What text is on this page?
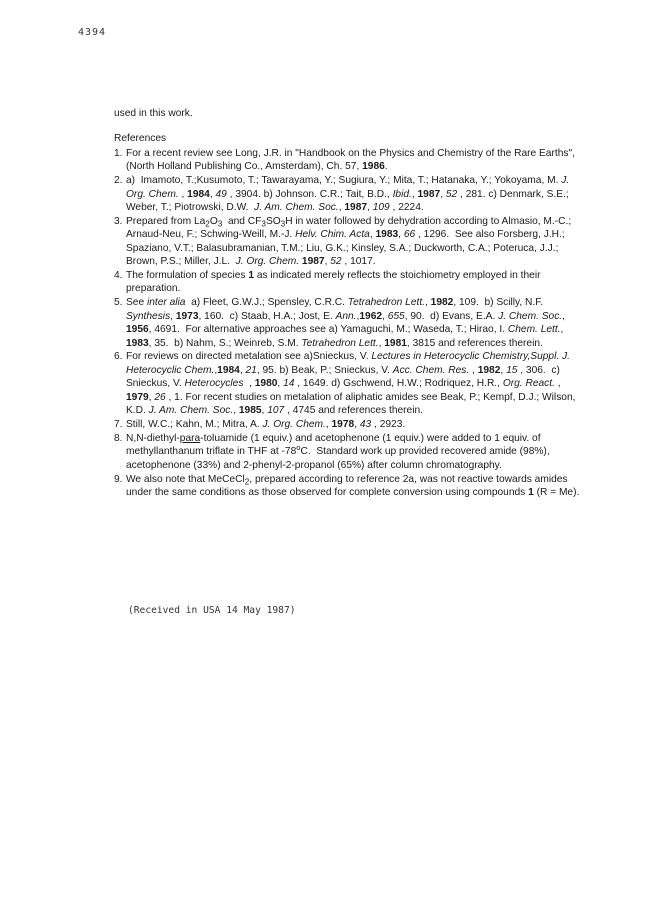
4394

used in this work.

References

1. For a recent review see Long, J.R. in "Handbook on the Physics and Chemistry of the Rare Earths", (North Holland Publishing Co., Amsterdam), Ch. 57, 1986.
2. a)  Imamoto, T.;Kusumoto, T.; Tawarayama, Y.; Sugiura, Y.; Mita, T.; Hatanaka, Y.; Yokoyama, M. J. Org. Chem. , 1984, 49 , 3904. b) Johnson. C.R.; Tait, B.D., Ibid., 1987, 52 , 281. c) Denmark, S.E.; Weber, T.; Piotrowski, D.W.  J. Am. Chem. Soc., 1987, 109 , 2224.
3. Prepared from $La_2O_3$  and $CF_3SO_3H$ in water followed by dehydration according to Almasio, M.-C.; Arnaud-Neu, F.; Schwing-Weill, M.-J. Helv. Chim. Acta, 1983, 66 , 1296.  See also Forsberg, J.H.; Spaziano, V.T.; Balasubramanian, T.M.; Liu, G.K.; Kinsley, S.A.; Duckworth, C.A.; Poteruca, J.J.; Brown, P.S.; Miller, J.L.  J. Org. Chem. 1987, 52 , 1017.
4. The formulation of species 1 as indicated merely reflects the stoichiometry employed in their preparation.
5. See inter alia  a) Fleet, G.W.J.; Spensley, C.R.C. Tetrahedron Lett., 1982, 109.  b) Scilly, N.F. Synthesis, 1973, 160.  c) Staab, H.A.; Jost, E. Ann.,1962, 655, 90.  d) Evans, E.A. J. Chem. Soc., 1956, 4691.  For alternative approaches see a) Yamaguchi, M.; Waseda, T.; Hirao, I. Chem. Lett., 1983, 35.  b) Nahm, S.; Weinreb, S.M. Tetrahedron Lett., 1981, 3815 and references therein.
6. For reviews on directed metalation see a)Snieckus, V. Lectures in Heterocyclic Chemistry,Suppl. J. Heterocyclic Chem.,1984, 21, 95. b) Beak, P.; Snieckus, V. Acc. Chem. Res. , 1982, 15 , 306.  c) Snieckus, V. Heterocycles  , 1980, 14 , 1649. d) Gschwend, H.W.; Rodriquez, H.R., Org. React. , 1979, 26 , 1. For recent studies on metalation of aliphatic amides see Beak, P.; Kempf, D.J.; Wilson, K.D. J. Am. Chem. Soc., 1985, 107 , 4745 and references therein.
7. Still, W.C.; Kahn, M.; Mitra, A. J. Org. Chem., 1978, 43 , 2923.
8. N,N-diethyl-para-toluamide (1 equiv.) and acetophenone (1 equiv.) were added to 1 equiv. of methyllanthanum triflate in THF at -78$^o$C.  Standard work up provided recovered amide (98%), acetophenone (33%) and 2-phenyl-2-propanol (65%) after column chromatography.
9. We also note that MeCeCl$_2$, prepared according to reference 2a, was not reactive towards amides under the same conditions as those observed for complete conversion using compounds 1 (R = Me).
(Received in USA 14 May 1987)
